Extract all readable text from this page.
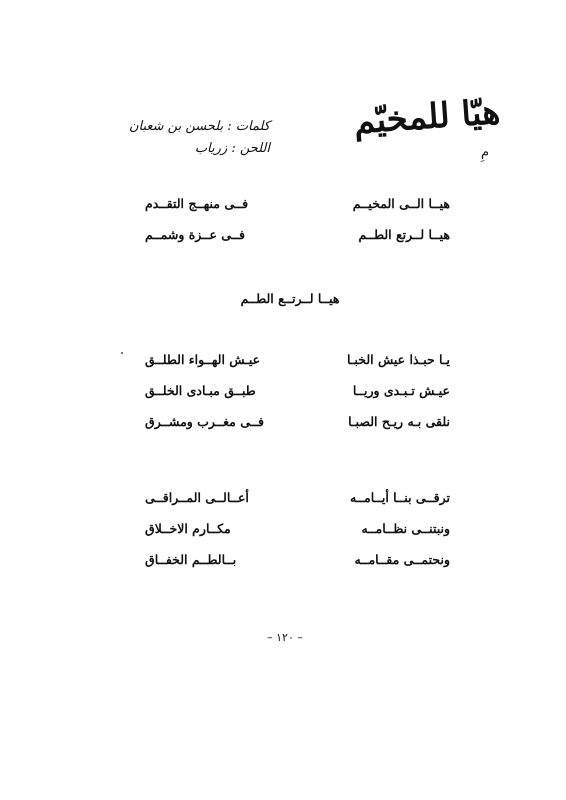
هيّا للمخيّم
مِ
كلمات : بلحسن بن شعبان
اللحن : زرياب
هيــا الــى المخيــم
فــى منهــج التقــدم
هيــا لــرتع الطــم
فــى عــزة وشمــم
هيــا لــرتــع الطــم
يـا حبـذا عيش الخبـا
عيـش الهــواء الطلــق
عيـش تـبـدى وريــا
طبــق مبـادى الخلــق
نلقى بـه ريـح الصبـا
فــى مغــرب ومشــرق
ترقــى بنــا أيــامــه
أعــالــى المــراقــى
ونبتنــى نظــامــه
مكــارم الاخــلاق
ونحتمــى مقــامــه
بــالطــم الخفــاق
– ١٢٠ –
